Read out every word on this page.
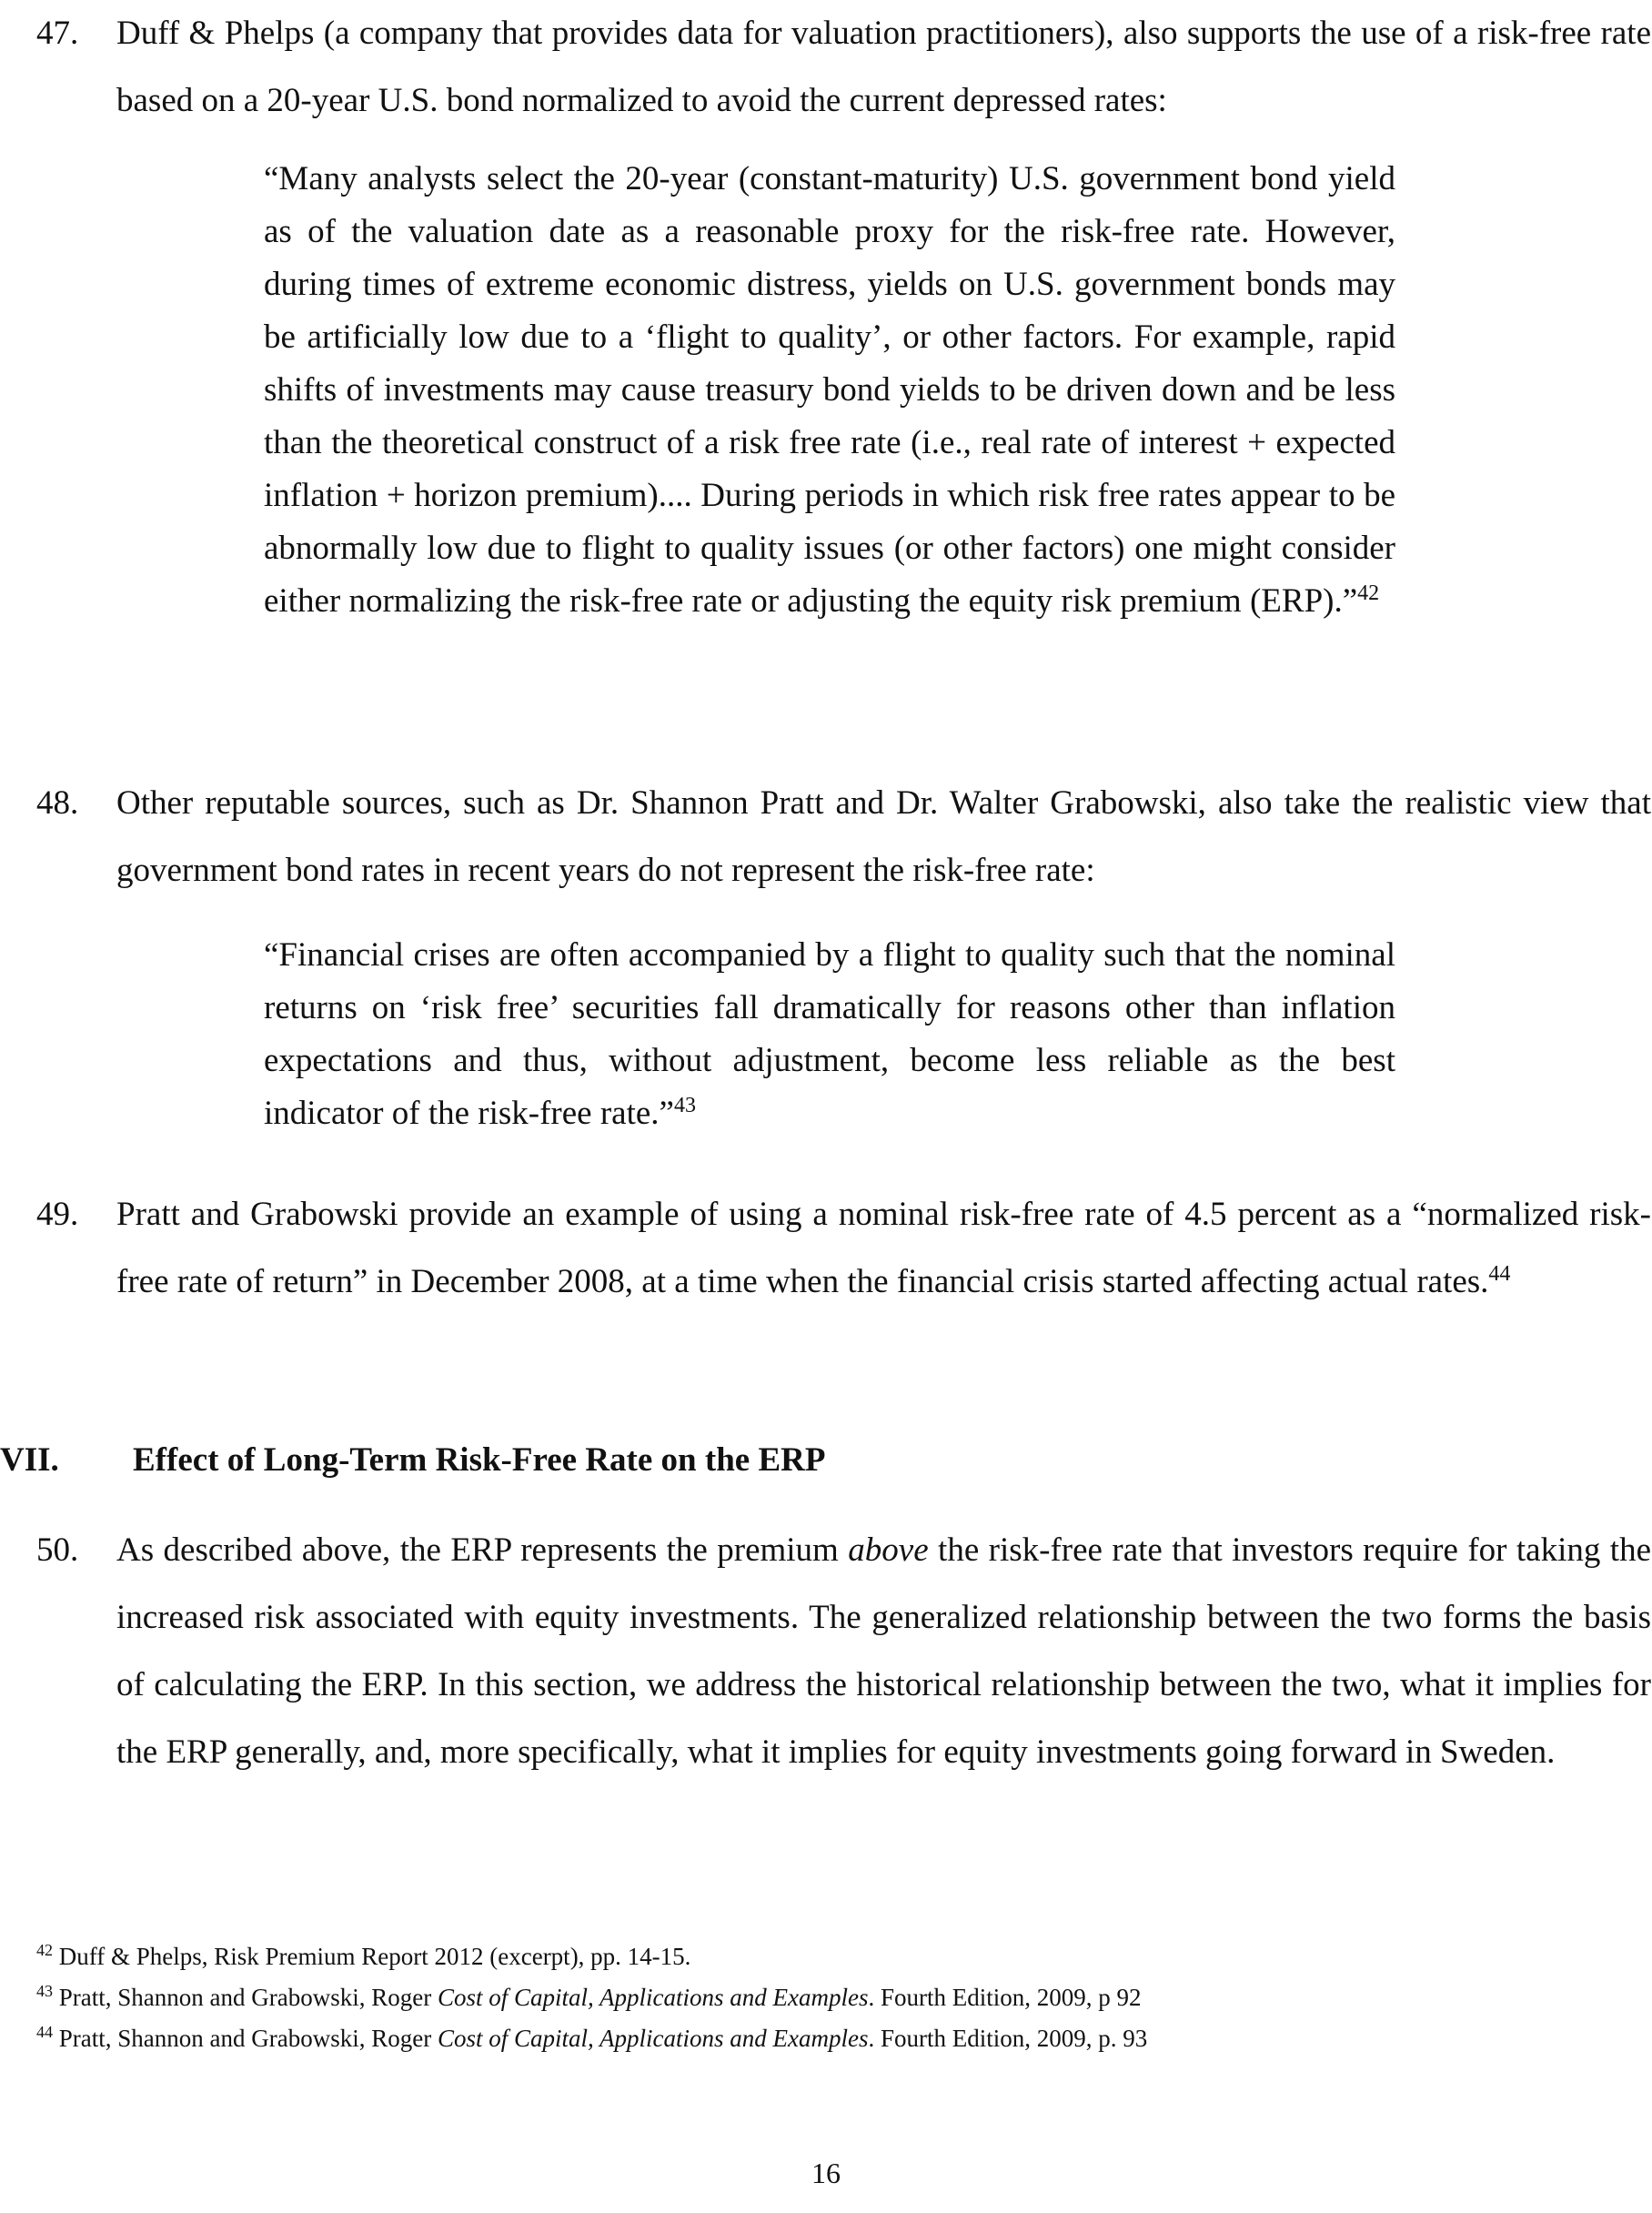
47. Duff & Phelps (a company that provides data for valuation practitioners), also supports the use of a risk-free rate based on a 20-year U.S. bond normalized to avoid the current depressed rates:
“Many analysts select the 20-year (constant-maturity) U.S. government bond yield as of the valuation date as a reasonable proxy for the risk-free rate. However, during times of extreme economic distress, yields on U.S. government bonds may be artificially low due to a ‘flight to quality’, or other factors. For example, rapid shifts of investments may cause treasury bond yields to be driven down and be less than the theoretical construct of a risk free rate (i.e., real rate of interest + expected inflation + horizon premium).... During periods in which risk free rates appear to be abnormally low due to flight to quality issues (or other factors) one might consider either normalizing the risk-free rate or adjusting the equity risk premium (ERP).”$^{42}$
48. Other reputable sources, such as Dr. Shannon Pratt and Dr. Walter Grabowski, also take the realistic view that government bond rates in recent years do not represent the risk-free rate:
“Financial crises are often accompanied by a flight to quality such that the nominal returns on ‘risk free’ securities fall dramatically for reasons other than inflation expectations and thus, without adjustment, become less reliable as the best indicator of the risk-free rate.”$^{43}$
49. Pratt and Grabowski provide an example of using a nominal risk-free rate of 4.5 percent as a “normalized risk-free rate of return” in December 2008, at a time when the financial crisis started affecting actual rates.$^{44}$
VII. Effect of Long-Term Risk-Free Rate on the ERP
50. As described above, the ERP represents the premium above the risk-free rate that investors require for taking the increased risk associated with equity investments. The generalized relationship between the two forms the basis of calculating the ERP. In this section, we address the historical relationship between the two, what it implies for the ERP generally, and, more specifically, what it implies for equity investments going forward in Sweden.
$^{42}$ Duff & Phelps, Risk Premium Report 2012 (excerpt), pp. 14-15.
$^{43}$ Pratt, Shannon and Grabowski, Roger Cost of Capital, Applications and Examples. Fourth Edition, 2009, p 92
$^{44}$ Pratt, Shannon and Grabowski, Roger Cost of Capital, Applications and Examples. Fourth Edition, 2009, p. 93
16
